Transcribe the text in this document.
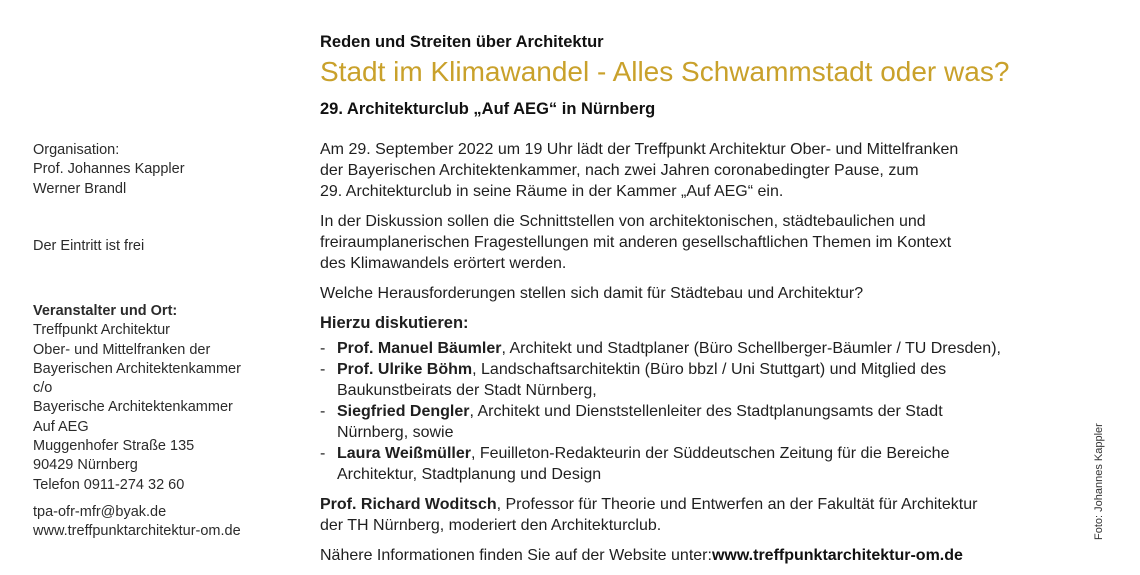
Organisation:
Prof. Johannes Kappler
Werner Brandl
Der Eintritt ist frei
Veranstalter und Ort:
Treffpunkt Architektur
Ober- und Mittelfranken der
Bayerischen Architektenkammer
c/o
Bayerische Architektenkammer
Auf AEG
Muggenhofer Straße 135
90429 Nürnberg
Telefon 0911-274 32 60
tpa-ofr-mfr@byak.de
www.treffpunktarchitektur-om.de
Reden und Streiten über Architektur
Stadt im Klimawandel - Alles Schwammstadt oder was?
29. Architekturclub „Auf AEG“ in Nürnberg

Am 29. September 2022 um 19 Uhr lädt der Treffpunkt Architektur Ober- und Mittelfranken
der Bayerischen Architektenkammer, nach zwei Jahren coronabedingter Pause, zum
29. Architekturclub in seine Räume in der Kammer „Auf AEG“ ein.

In der Diskussion sollen die Schnittstellen von architektonischen, städtebaulichen und
freiraumplanerischen Fragestellungen mit anderen gesellschaftlichen Themen im Kontext
des Klimawandels erörtert werden.

Welche Herausforderungen stellen sich damit für Städtebau und Architektur?

Hierzu diskutieren:
- Prof. Manuel Bäumler, Architekt und Stadtplaner (Büro Schellberger-Bäumler / TU Dresden),
- Prof. Ulrike Böhm, Landschaftsarchitektin (Büro bbzl / Uni Stuttgart) und Mitglied des
Baukunstbeirats der Stadt Nürnberg,
- Siegfried Dengler, Architekt und Dienststellenleiter des Stadtplanungsamts der Stadt
Nürnberg, sowie
- Laura Weißmüller, Feuilleton-Redakteurin der Süddeutschen Zeitung für die Bereiche
Architektur, Stadtplanung und Design

Prof. Richard Woditsch, Professor für Theorie und Entwerfen an der Fakultät für Architektur
der TH Nürnberg, moderiert den Architekturclub.

Nähere Informationen finden Sie auf der Website unter:www.treffpunktarchitektur-om.de

Foto: Johannes Kappler
